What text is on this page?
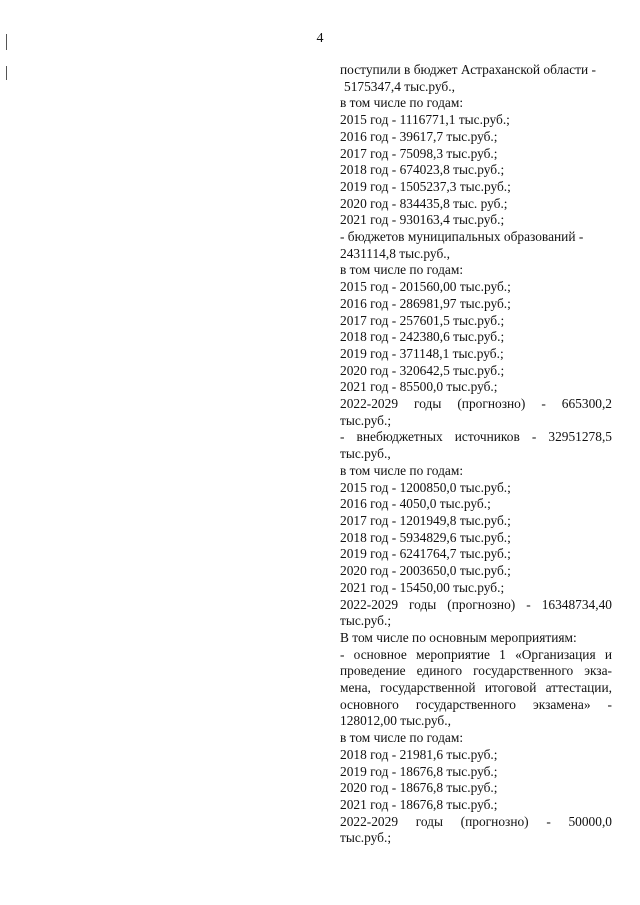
4
поступили в бюджет Астраханской области -
5175347,4 тыс.руб.,
в том числе по годам:
2015 год - 1116771,1 тыс.руб.;
2016 год - 39617,7 тыс.руб.;
2017 год - 75098,3 тыс.руб.;
2018 год - 674023,8 тыс.руб.;
2019 год - 1505237,3 тыс.руб.;
2020 год - 834435,8 тыс. руб.;
2021 год - 930163,4 тыс.руб.;
- бюджетов муниципальных образований -
2431114,8 тыс.руб.,
в том числе по годам:
2015 год - 201560,00 тыс.руб.;
2016 год - 286981,97 тыс.руб.;
2017 год - 257601,5 тыс.руб.;
2018 год - 242380,6 тыс.руб.;
2019 год - 371148,1 тыс.руб.;
2020 год - 320642,5 тыс.руб.;
2021 год - 85500,0 тыс.руб.;
2022-2029 годы (прогнозно) - 665300,2
тыс.руб.;
- внебюджетных источников - 32951278,5
тыс.руб.,
в том числе по годам:
2015 год - 1200850,0 тыс.руб.;
2016 год - 4050,0 тыс.руб.;
2017 год - 1201949,8 тыс.руб.;
2018 год - 5934829,6 тыс.руб.;
2019 год - 6241764,7 тыс.руб.;
2020 год - 2003650,0 тыс.руб.;
2021 год - 15450,00 тыс.руб.;
2022-2029 годы (прогнозно) - 16348734,40
тыс.руб.;
В том числе по основным мероприятиям:
- основное мероприятие 1 «Организация и
проведение единого государственного экза-
мена, государственной итоговой аттестации,
основного государственного экзамена» -
128012,00 тыс.руб.,
в том числе по годам:
2018 год - 21981,6 тыс.руб.;
2019 год - 18676,8 тыс.руб.;
2020 год - 18676,8 тыс.руб.;
2021 год - 18676,8 тыс.руб.;
2022-2029 годы (прогнозно) - 50000,0
тыс.руб.;
